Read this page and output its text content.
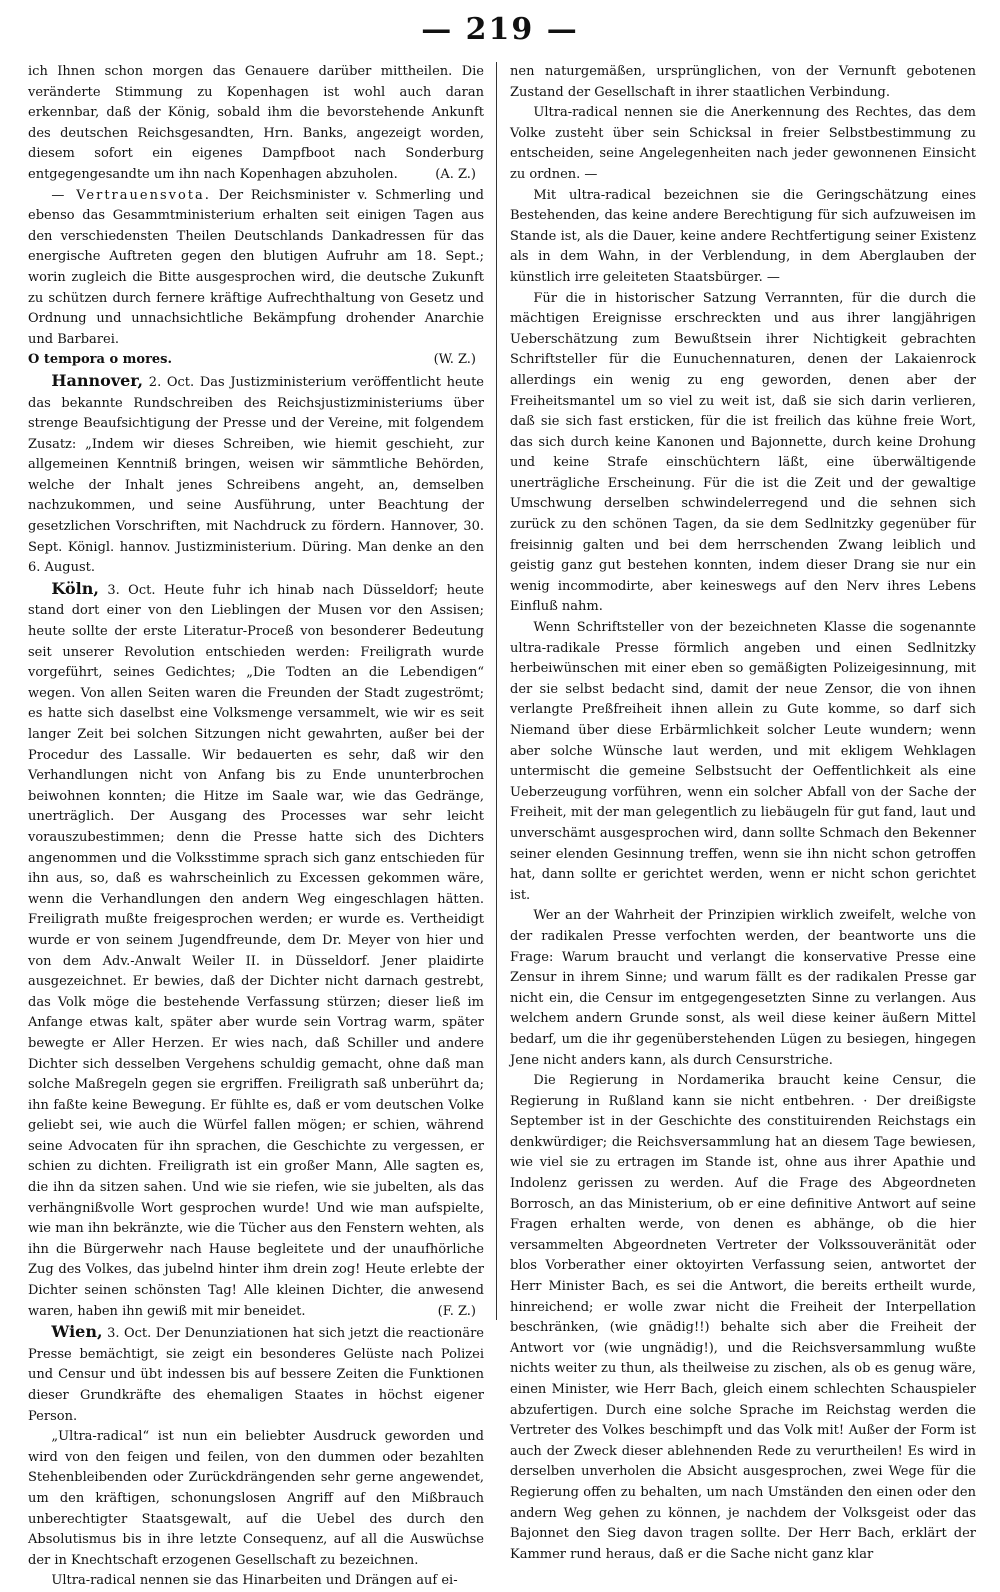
— 219 —

ich Ihnen schon morgen das Genauere darüber mittheilen. Die veränderte Stimmung zu Kopenhagen ist wohl auch daran erkennbar, daß der König, sobald ihm die bevorstehende Ankunft des deutschen Reichsgesandten, Hrn. Banks, angezeigt worden, diesem sofort ein eigenes Dampfboot nach Sonderburg entgegengesandte um ihn nach Kopenhagen abzuholen.	(A. Z.)

— Vertrauensvota. Der Reichsminister v. Schmerling und ebenso das Gesammtministerium erhalten seit einigen Tagen aus den verschiedensten Theilen Deutschlands Dankadressen für das energische Auftreten gegen den blutigen Aufruhr am 18. Sept.; worin zugleich die Bitte ausgesprochen wird, die deutsche Zukunft zu schützen durch fernere kräftige Aufrechthaltung von Gesetz und Ordnung und unnachsichtliche Bekämpfung drohender Anarchie und Barbarei.

O tempora o mores.	(W. Z.)

Hannover, 2. Oct. Das Justizministerium veröffentlicht heute das bekannte Rundschreiben des Reichsjustizministeriums über strenge Beaufsichtigung der Presse und der Vereine, mit folgendem Zusatz: „Indem wir dieses Schreiben, wie hiemit geschieht, zur allgemeinen Kenntniß bringen, weisen wir sämmtliche Behörden, welche der Inhalt jenes Schreibens angeht, an, demselben nachzukommen, und seine Ausführung, unter Beachtung der gesetzlichen Vorschriften, mit Nachdruck zu fördern. Hannover, 30. Sept. Königl. hannov. Justizministerium. Düring. Man denke an den 6. August.

Köln, 3. Oct. Heute fuhr ich hinab nach Düsseldorf; heute stand dort einer von den Lieblingen der Musen vor den Assisen; heute sollte der erste Literatur-Proceß von besonderer Bedeutung seit unserer Revolution entschieden werden: Freiligrath wurde vorgeführt, seines Gedichtes; „Die Todten an die Lebendigen“ wegen. Von allen Seiten waren die Freunden der Stadt zugeströmt; es hatte sich daselbst eine Volksmenge versammelt, wie wir es seit langer Zeit bei solchen Sitzungen nicht gewahrten, außer bei der Procedur des Lassalle. Wir bedauerten es sehr, daß wir den Verhandlungen nicht von Anfang bis zu Ende ununterbrochen beiwohnen konnten; die Hitze im Saale war, wie das Gedränge, unerträglich. Der Ausgang des Processes war sehr leicht vorauszubestimmen; denn die Presse hatte sich des Dichters angenommen und die Volksstimme sprach sich ganz entschieden für ihn aus, so, daß es wahrscheinlich zu Excessen gekommen wäre, wenn die Verhandlungen den andern Weg eingeschlagen hätten. Freiligrath mußte freigesprochen werden; er wurde es. Vertheidigt wurde er von seinem Jugendfreunde, dem Dr. Meyer von hier und von dem Adv.-Anwalt Weiler II. in Düsseldorf. Jener plaidirte ausgezeichnet. Er bewies, daß der Dichter nicht darnach gestrebt, das Volk möge die bestehende Verfassung stürzen; dieser ließ im Anfange etwas kalt, später aber wurde sein Vortrag warm, später bewegte er Aller Herzen. Er wies nach, daß Schiller und andere Dichter sich desselben Vergehens schuldig gemacht, ohne daß man solche Maßregeln gegen sie ergriffen. Freiligrath saß unberührt da; ihn faßte keine Bewegung. Er fühlte es, daß er vom deutschen Volke geliebt sei, wie auch die Würfel fallen mögen; er schien, während seine Advocaten für ihn sprachen, die Geschichte zu vergessen, er schien zu dichten. Freiligrath ist ein großer Mann, Alle sagten es, die ihn da sitzen sahen. Und wie sie riefen, wie sie jubelten, als das verhängnißvolle Wort gesprochen wurde! Und wie man aufspielte, wie man ihn bekränzte, wie die Tücher aus den Fenstern wehten, als ihn die Bürgerwehr nach Hause begleitete und der unaufhörliche Zug des Volkes, das jubelnd hinter ihm drein zog! Heute erlebte der Dichter seinen schönsten Tag! Alle kleinen Dichter, die anwesend waren, haben ihn gewiß mit mir beneidet.	(F. Z.)

Wien, 3. Oct. Der Denunziationen hat sich jetzt die reactionäre Presse bemächtigt, sie zeigt ein besonderes Gelüste nach Polizei und Censur und übt indessen bis auf bessere Zeiten die Funktionen dieser Grundkräfte des ehemaligen Staates in höchst eigener Person.

„Ultra-radical“ ist nun ein beliebter Ausdruck geworden und wird von den feigen und feilen, von den dummen oder bezahlten Stehenbleibenden oder Zurückdrängenden sehr gerne angewendet, um den kräftigen, schonungslosen Angriff auf den Mißbrauch unberechtigter Staatsgewalt, auf die Uebel des durch den Absolutismus bis in ihre letzte Consequenz, auf all die Auswüchse der in Knechtschaft erzogenen Gesellschaft zu bezeichnen.

Ultra-radical nennen sie das Hinarbeiten und Drängen auf ei-

nen naturgemäßen, ursprünglichen, von der Vernunft gebotenen Zustand der Gesellschaft in ihrer staatlichen Verbindung.

Ultra-radical nennen sie die Anerkennung des Rechtes, das dem Volke zusteht über sein Schicksal in freier Selbstbestimmung zu entscheiden, seine Angelegenheiten nach jeder gewonnenen Einsicht zu ordnen. —

Mit ultra-radical bezeichnen sie die Geringschätzung eines Bestehenden, das keine andere Berechtigung für sich aufzuweisen im Stande ist, als die Dauer, keine andere Rechtfertigung seiner Existenz als in dem Wahn, in der Verblendung, in dem Aberglauben der künstlich irre geleiteten Staatsbürger. —

Für die in historischer Satzung Verrannten, für die durch die mächtigen Ereignisse erschreckten und aus ihrer langjährigen Ueberschätzung zum Bewußtsein ihrer Nichtigkeit gebrachten Schriftsteller für die Eunuchennaturen, denen der Lakaienrock allerdings ein wenig zu eng geworden, denen aber der Freiheitsmantel um so viel zu weit ist, daß sie sich darin verlieren, daß sie sich fast ersticken, für die ist freilich das kühne freie Wort, das sich durch keine Kanonen und Bajonnette, durch keine Drohung und keine Strafe einschüchtern läßt, eine überwältigende unerträgliche Erscheinung. Für die ist die Zeit und der gewaltige Umschwung derselben schwindelerregend und die sehnen sich zurück zu den schönen Tagen, da sie dem Sedlnitzky gegenüber für freisinnig galten und bei dem herrschenden Zwang leiblich und geistig ganz gut bestehen konnten, indem dieser Drang sie nur ein wenig incommodirte, aber keineswegs auf den Nerv ihres Lebens Einfluß nahm.

Wenn Schriftsteller von der bezeichneten Klasse die sogenannte ultra-radikale Presse förmlich angeben und einen Sedlnitzky herbeiwünschen mit einer eben so gemäßigten Polizeigesinnung, mit der sie selbst bedacht sind, damit der neue Zensor, die von ihnen verlangte Preßfreiheit ihnen allein zu Gute komme, so darf sich Niemand über diese Erbärmlichkeit solcher Leute wundern; wenn aber solche Wünsche laut werden, und mit ekligem Wehklagen untermischt die gemeine Selbstsucht der Oeffentlichkeit als eine Ueberzeugung vorführen, wenn ein solcher Abfall von der Sache der Freiheit, mit der man gelegentlich zu liebäugeln für gut fand, laut und unverschämt ausgesprochen wird, dann sollte Schmach den Bekenner seiner elenden Gesinnung treffen, wenn sie ihn nicht schon getroffen hat, dann sollte er gerichtet werden, wenn er nicht schon gerichtet ist.

Wer an der Wahrheit der Prinzipien wirklich zweifelt, welche von der radikalen Presse verfochten werden, der beantworte uns die Frage: Warum braucht und verlangt die konservative Presse eine Zensur in ihrem Sinne; und warum fällt es der radikalen Presse gar nicht ein, die Censur im entgegengesetzten Sinne zu verlangen. Aus welchem andern Grunde sonst, als weil diese keiner äußern Mittel bedarf, um die ihr gegenüberstehenden Lügen zu besiegen, hingegen Jene nicht anders kann, als durch Censurstriche.

Die Regierung in Nordamerika braucht keine Censur, die Regierung in Rußland kann sie nicht entbehren. · Der dreißigste September ist in der Geschichte des constituirenden Reichstags ein denkwürdiger; die Reichsversammlung hat an diesem Tage bewiesen, wie viel sie zu ertragen im Stande ist, ohne aus ihrer Apathie und Indolenz gerissen zu werden. Auf die Frage des Abgeordneten Borrosch, an das Ministerium, ob er eine definitive Antwort auf seine Fragen erhalten werde, von denen es abhänge, ob die hier versammelten Abgeordneten Vertreter der Volkssouveränität oder blos Vorberather einer oktoyirten Verfassung seien, antwortet der Herr Minister Bach, es sei die Antwort, die bereits ertheilt wurde, hinreichend; er wolle zwar nicht die Freiheit der Interpellation beschränken, (wie gnädig!!) behalte sich aber die Freiheit der Antwort vor (wie ungnädig!), und die Reichsversammlung wußte nichts weiter zu thun, als theilweise zu zischen, als ob es genug wäre, einen Minister, wie Herr Bach, gleich einem schlechten Schauspieler abzufertigen. Durch eine solche Sprache im Reichstag werden die Vertreter des Volkes beschimpft und das Volk mit! Außer der Form ist auch der Zweck dieser ablehnenden Rede zu verurtheilen! Es wird in derselben unverholen die Absicht ausgesprochen, zwei Wege für die Regierung offen zu behalten, um nach Umständen den einen oder den andern Weg gehen zu können, je nachdem der Volksgeist oder das Bajonnet den Sieg davon tragen sollte. Der Herr Bach, erklärt der Kammer rund heraus, daß er die Sache nicht ganz klar
